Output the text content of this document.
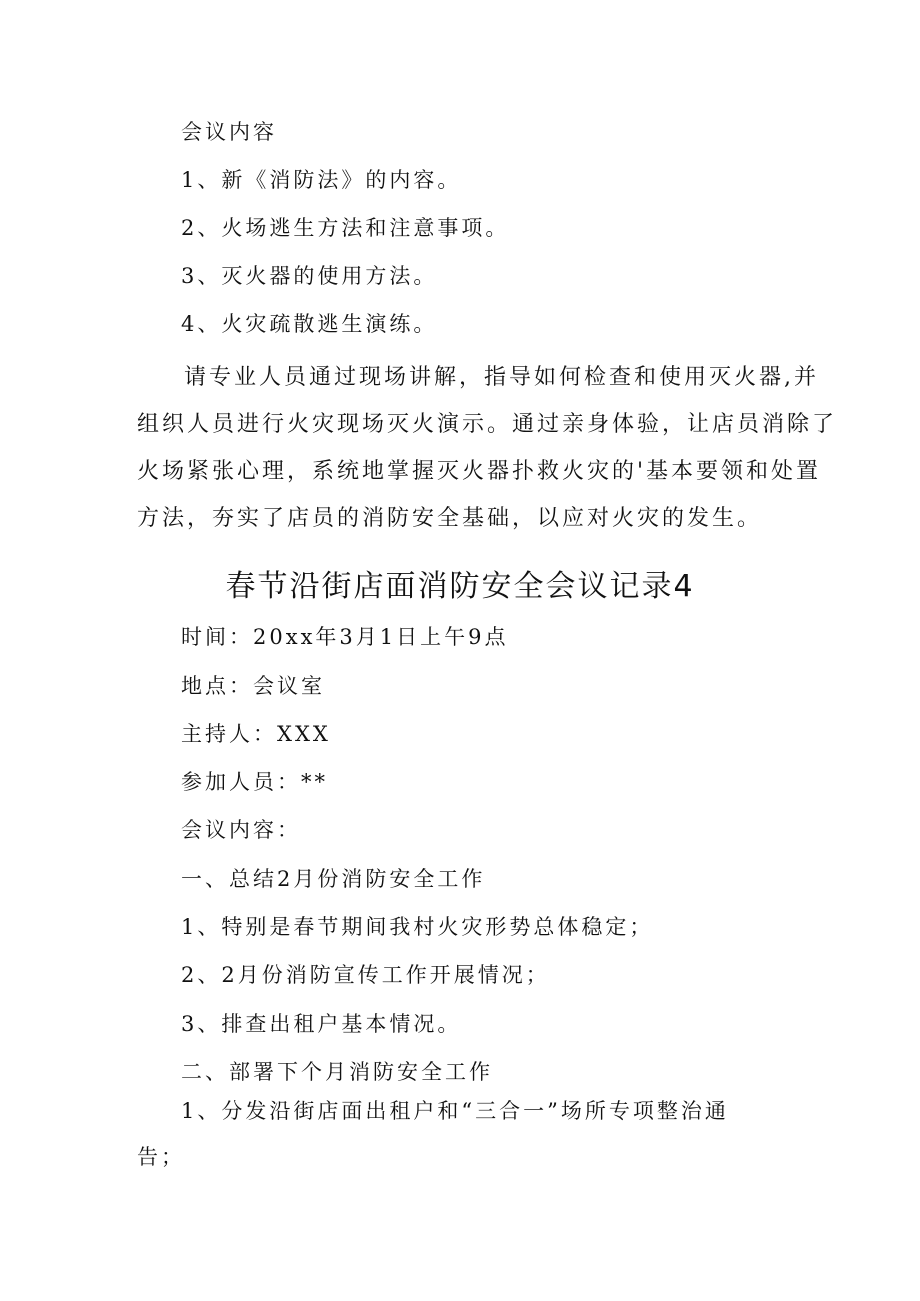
会议内容

1、新《消防法》的内容。

2、火场逃生方法和注意事项。

3、灭火器的使用方法。

4、火灾疏散逃生演练。

请专业人员通过现场讲解，指导如何检查和使用灭火器,并
组织人员进行火灾现场灭火演示。通过亲身体验，让店员消除了
火场紧张心理，系统地掌握灭火器扑救火灾的'基本要领和处置
方法，夯实了店员的消防安全基础，以应对火灾的发生。
春节沿街店面消防安全会议记录4

时间：20xx年3月1日上午9点

地点：会议室

主持人：XXX

参加人员：**

会议内容：

一、总结2月份消防安全工作

1、特别是春节期间我村火灾形势总体稳定；

2、2月份消防宣传工作开展情况；

3、排查出租户基本情况。

二、部署下个月消防安全工作

1、分发沿街店面出租户和“三合一”场所专项整治通

告；
